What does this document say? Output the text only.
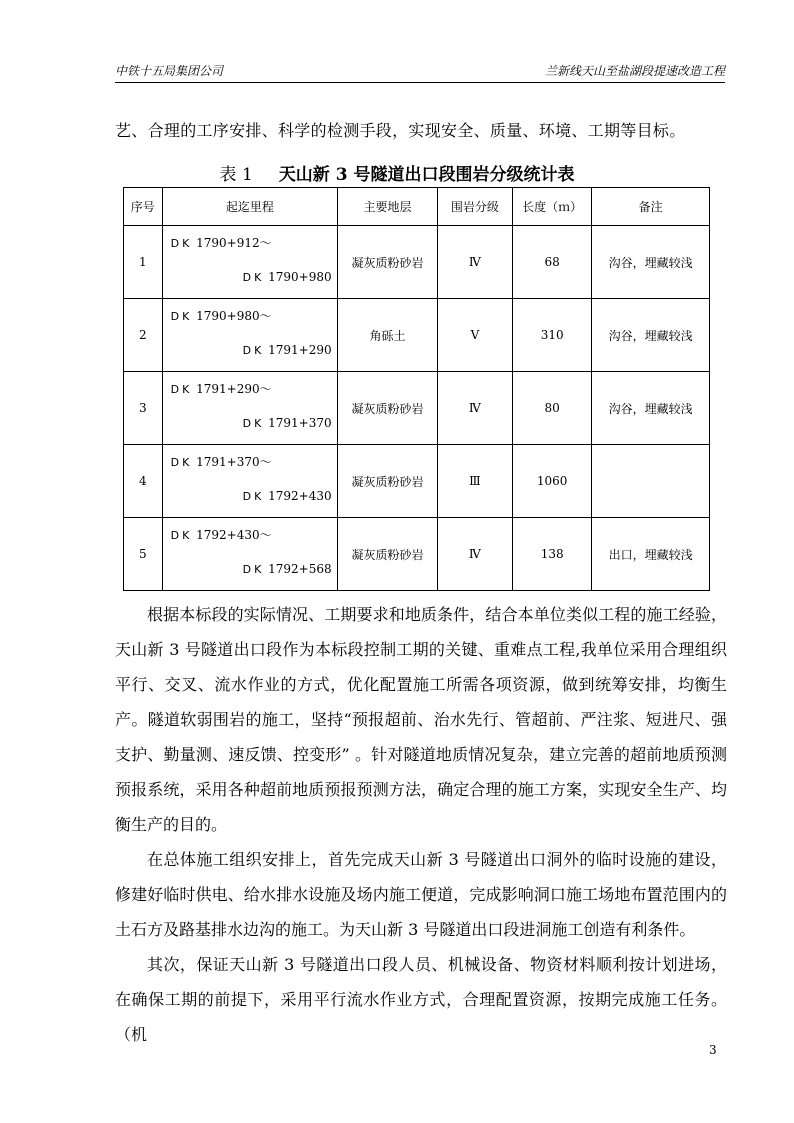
中铁十五局集团公司	兰新线天山至盐湖段提速改造工程
艺、合理的工序安排、科学的检测手段，实现安全、质量、环境、工期等目标。
表 1 天山新 3 号隧道出口段围岩分级统计表
序号	起迄里程	主要地层	围岩分级	长度（ｍ）	备注
1	DK 1790+912～
DK 1790+980	凝灰质粉砂岩	Ⅳ	68	沟谷，埋藏较浅
2	DK 1790+980～
DK 1791+290	角砾土	Ⅴ	310	沟谷，埋藏较浅
3	DK 1791+290～
DK 1791+370	凝灰质粉砂岩	Ⅳ	80	沟谷，埋藏较浅
4	DK 1791+370～
DK 1792+430	凝灰质粉砂岩	Ⅲ	1060	
5	DK 1792+430～
DK 1792+568	凝灰质粉砂岩	Ⅳ	138	出口，埋藏较浅

根据本标段的实际情况、工期要求和地质条件，结合本单位类似工程的施工经验，天山新 3 号隧道出口段作为本标段控制工期的关键、重难点工程,我单位采用合理组织平行、交叉、流水作业的方式，优化配置施工所需各项资源，做到统筹安排，均衡生产。隧道软弱围岩的施工，坚持“预报超前、治水先行、管超前、严注浆、短进尺、强支护、勤量测、速反馈、控变形” 。针对隧道地质情况复杂，建立完善的超前地质预测预报系统，采用各种超前地质预报预测方法，确定合理的施工方案，实现安全生产、均衡生产的目的。

在总体施工组织安排上，首先完成天山新 3 号隧道出口洞外的临时设施的建设，修建好临时供电、给水排水设施及场内施工便道，完成影响洞口施工场地布置范围内的土石方及路基排水边沟的施工。为天山新 3 号隧道出口段进洞施工创造有利条件。

其次，保证天山新 3 号隧道出口段人员、机械设备、物资材料顺利按计划进场，在确保工期的前提下，采用平行流水作业方式，合理配置资源，按期完成施工任务。（机

3
